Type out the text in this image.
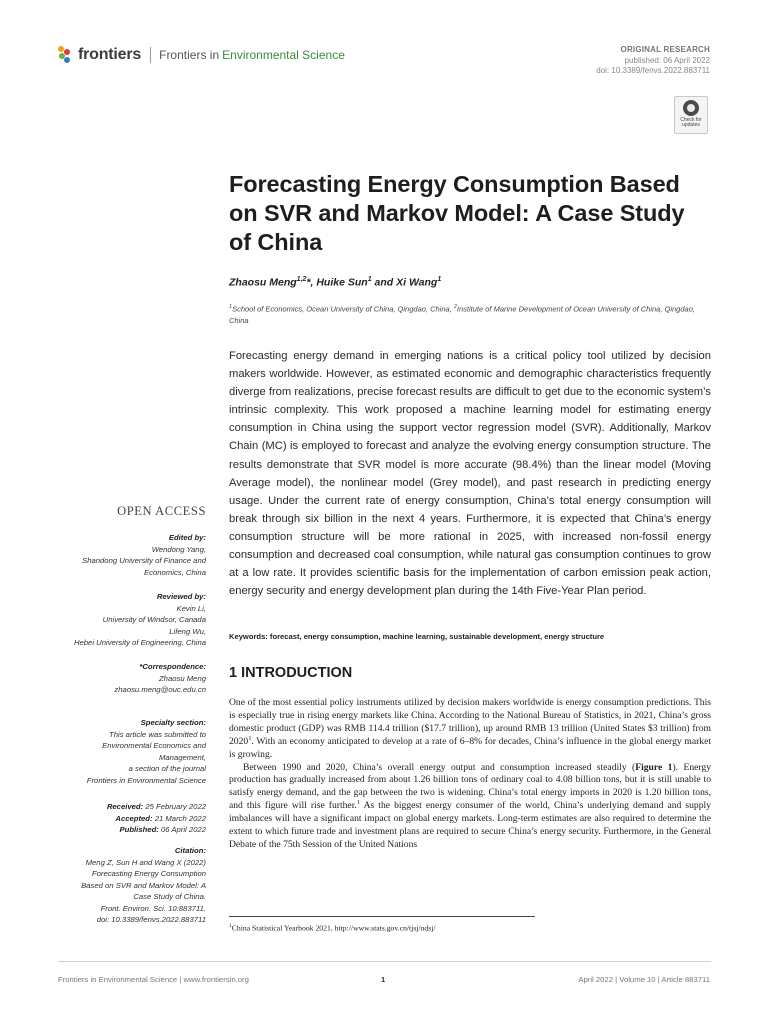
frontiers Frontiers in Environmental Science	ORIGINAL RESEARCH
published: 06 April 2022
doi: 10.3389/fenvs.2022.883711
Check for
updates
Forecasting Energy Consumption Based on SVR and Markov Model: A Case Study of China
Zhaosu Meng$^{1,2}$*, Huike Sun$^1$ and Xi Wang$^1$
$^1$School of Economics, Ocean University of China, Qingdao, China, $^2$Institute of Marine Development of Ocean University of China, Qingdao, China
Forecasting energy demand in emerging nations is a critical policy tool utilized by decision makers worldwide. However, as estimated economic and demographic characteristics frequently diverge from realizations, precise forecast results are difficult to get due to the economic system’s intrinsic complexity. This work proposed a machine learning model for estimating energy consumption in China using the support vector regression model (SVR). Additionally, Markov Chain (MC) is employed to forecast and analyze the evolving energy consumption structure. The results demonstrate that SVR model is more accurate (98.4%) than the linear model (Moving Average model), the nonlinear model (Grey model), and past research in predicting energy usage. Under the current rate of energy consumption, China’s total energy consumption will break through six billion in the next 4 years. Furthermore, it is expected that China’s energy consumption structure will be more rational in 2025, with increased non-fossil energy consumption and decreased coal consumption, while natural gas consumption continues to grow at a low rate. It provides scientific basis for the implementation of carbon emission peak action, energy security and energy development plan during the 14th Five-Year Plan period.
Keywords: forecast, energy consumption, machine learning, sustainable development, energy structure
OPEN ACCESS
Edited by:
Wendong Yang,
Shandong University of Finance and
Economics, China
Reviewed by:
Kevin Li,
University of Windsor, Canada
Lifeng Wu,
Hebei University of Engineering, China
*Correspondence:
Zhaosu Meng
zhaosu.meng@ouc.edu.cn
Specialty section:
This article was submitted to
Environmental Economics and
Management,
a section of the journal
Frontiers in Environmental Science
Received: 25 February 2022
Accepted: 21 March 2022
Published: 06 April 2022
Citation:
Meng Z, Sun H and Wang X (2022)
Forecasting Energy Consumption
Based on SVR and Markov Model: A
Case Study of China.
Front. Environ. Sci. 10:883711.
doi: 10.3389/fenvs.2022.883711
1 INTRODUCTION

One of the most essential policy instruments utilized by decision makers worldwide is energy consumption predictions. This is especially true in rising energy markets like China. According to the National Bureau of Statistics, in 2021, China’s gross domestic product (GDP) was RMB 114.4 trillion ($17.7 trillion), up around RMB 13 trillion (United States $3 trillion) from 2020$^1$. With an economy anticipated to develop at a rate of 6–8% for decades, China’s influence in the global energy market is growing.

Between 1990 and 2020, China’s overall energy output and consumption increased steadily (Figure 1). Energy production has gradually increased from about 1.26 billion tons of ordinary coal to 4.08 billion tons, but it is still unable to satisfy energy demand, and the gap between the two is widening. China’s total energy imports in 2020 is 1.20 billion tons, and this figure will rise further.$^1$ As the biggest energy consumer of the world, China’s underlying demand and supply imbalances will have a significant impact on global energy markets. Long-term estimates are also required to determine the extent to which future trade and investment plans are required to secure China’s energy security. Furthermore, in the General Debate of the 75th Session of the United Nations

$^1$China Statistical Yearbook 2021, http://www.stats.gov.cn/tjsj/ndsj/
Frontiers in Environmental Science | www.frontiersin.org	1	April 2022 | Volume 10 | Article 883711
